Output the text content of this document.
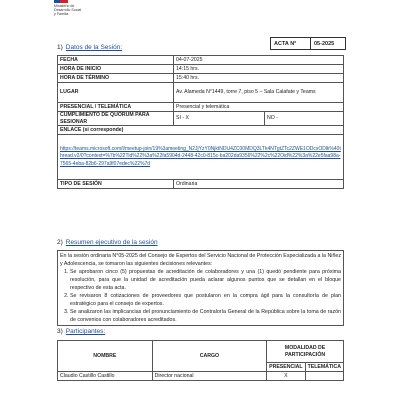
Ministerio de
Desarrollo Social
y Familia
1) Datos de la Sesión:
ACTA N°	05-2025
FECHA	04-07-2025	
HORA DE INICIO	14:15 hrs.	
HORA DE TÉRMINO	15:40 hrs.	
LUGAR	Av. Alameda N°1449, torre 7, piso 5 – Sala Calafate y Teams	
PRESENCIAL / TELEMÁTICA	Presencial y telemática	
CUMPLIMIENTO DE QUÓRUM PARA SESIONAR	SI - X	NO -
ENLACE (si corresponde)		
https://teams.microsoft.com/l/meetup-join/19%3ameeting_N2JjYzY0NjktNDU4ZC00MDQ3LTk4NTgtZTc2ZWE1ODcxODlk%40thread.v2/0?context=%7b%22Tid%22%3a%22fa5904d-2448-42c0-815c-ba202da9356%22%2c%22Oid%22%3a%22e5faa98a-7565-4eba-82b6-297a9f07edec%22%7d		
TIPO DE SESIÓN	Ordinaria	
2) Resumen ejecutivo de la sesión
En la sesión ordinaria N°05-2025 del Consejo de Expertos del Servicio Nacional de Protección Especializada a la Niñez y Adolescencia, se tomaron las siguientes decisiones relevantes:
1. Se aprobaron cinco (5) propuestas de acreditación de colaboradores y una (1) quedó pendiente para próxima resolución, para que la unidad de acreditación pueda aclarar algunos puntos que se detallan en el bloque respectivo de esta acta.
2. Se revisaron 8 cotizaciones de proveedores que postularon en la compra ágil para la consultoría de plan estratégico para el consejo de expertos.
3. Se analizaron las implicancias del pronunciamiento de Contraloría General de la República sobre la toma de razón de convenios con colaboradores acreditados.
3) Participantes:
NOMBRE	CARGO	MODALIDAD DE PARTICIPACIÓN	
		PRESENCIAL	TELEMÁTICA
Claudio Castillo Castillo	Director nacional	X	
